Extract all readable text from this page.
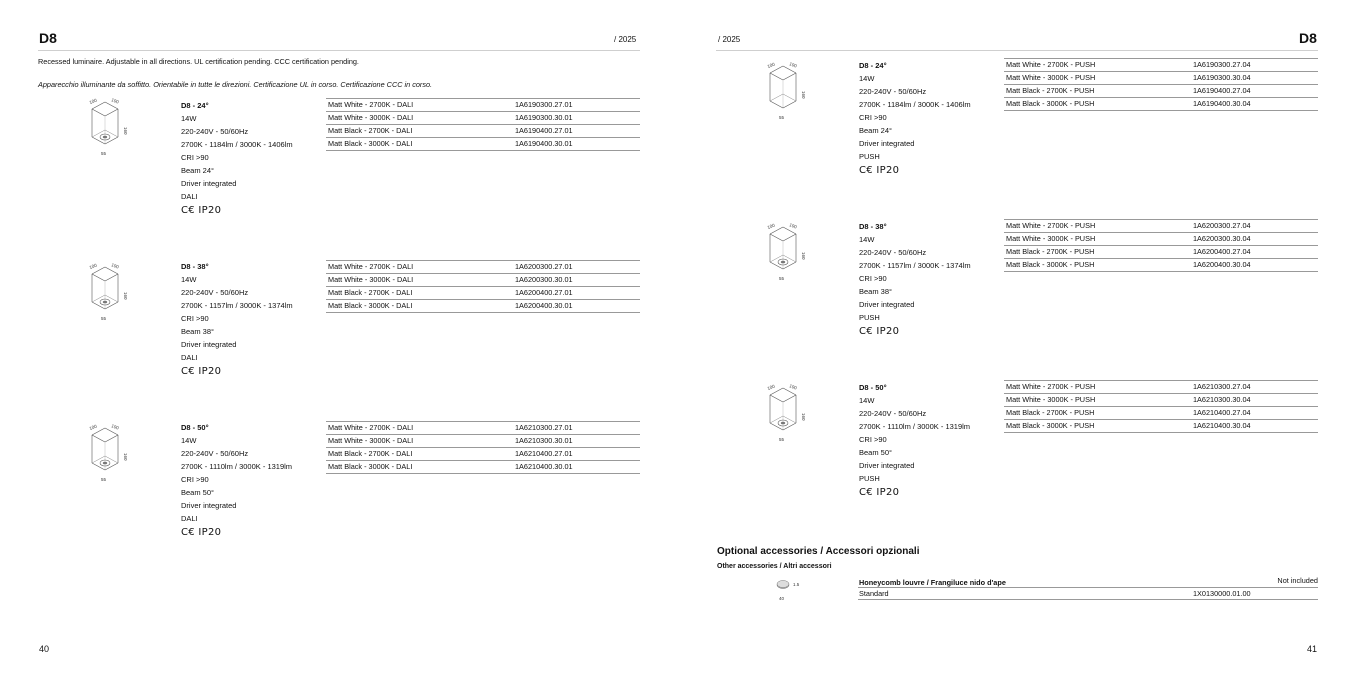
D8	/ 2025
Recessed luminaire. Adjustable in all directions. UL certification pending. CCC certification pending.
Apparecchio illuminante da soffitto. Orientabile in tutte le direzioni. Certificazione UL in corso. Certificazione CCC in corso.
100	100
160
55
D8 - 24°
14W
220-240V - 50/60Hz
2700K - 1184lm / 3000K - 1406lm
CRI >90
Beam 24°
Driver integrated
DALI
C€ IP20
Matt White - 2700K - DALI	1A6190300.27.01
Matt White - 3000K - DALI	1A6190300.30.01
Matt Black - 2700K - DALI	1A6190400.27.01
Matt Black - 3000K - DALI	1A6190400.30.01
100	100
160
55
D8 - 38°
14W
220-240V - 50/60Hz
2700K - 1157lm / 3000K - 1374lm
CRI >90
Beam 38°
Driver integrated
DALI
C€ IP20
Matt White - 2700K - DALI	1A6200300.27.01
Matt White - 3000K - DALI	1A6200300.30.01
Matt Black - 2700K - DALI	1A6200400.27.01
Matt Black - 3000K - DALI	1A6200400.30.01
100	100
160
55
D8 - 50°
14W
220-240V - 50/60Hz
2700K - 1110lm / 3000K - 1319lm
CRI >90
Beam 50°
Driver integrated
DALI
C€ IP20
Matt White - 2700K - DALI	1A6210300.27.01
Matt White - 3000K - DALI	1A6210300.30.01
Matt Black - 2700K - DALI	1A6210400.27.01
Matt Black - 3000K - DALI	1A6210400.30.01
40
/ 2025	D8
100	100
160
55
D8 - 24°
14W
220-240V - 50/60Hz
2700K - 1184lm / 3000K - 1406lm
CRI >90
Beam 24°
Driver integrated
PUSH
C€ IP20
Matt White - 2700K - PUSH	1A6190300.27.04
Matt White - 3000K - PUSH	1A6190300.30.04
Matt Black - 2700K - PUSH	1A6190400.27.04
Matt Black - 3000K - PUSH	1A6190400.30.04
100	100
160
55
D8 - 38°
14W
220-240V - 50/60Hz
2700K - 1157lm / 3000K - 1374lm
CRI >90
Beam 38°
Driver integrated
PUSH
C€ IP20
Matt White - 2700K - PUSH	1A6200300.27.04
Matt White - 3000K - PUSH	1A6200300.30.04
Matt Black - 2700K - PUSH	1A6200400.27.04
Matt Black - 3000K - PUSH	1A6200400.30.04
100	100
160
55
D8 - 50°
14W
220-240V - 50/60Hz
2700K - 1110lm / 3000K - 1319lm
CRI >90
Beam 50°
Driver integrated
PUSH
C€ IP20
Matt White - 2700K - PUSH	1A6210300.27.04
Matt White - 3000K - PUSH	1A6210300.30.04
Matt Black - 2700K - PUSH	1A6210400.27.04
Matt Black - 3000K - PUSH	1A6210400.30.04
Optional accessories / Accessori opzionali
Other accessories / Altri accessori
1.5
40
Honeycomb louvre / Frangiluce nido d'ape	Not included
Standard	1X0130000.01.00
41
